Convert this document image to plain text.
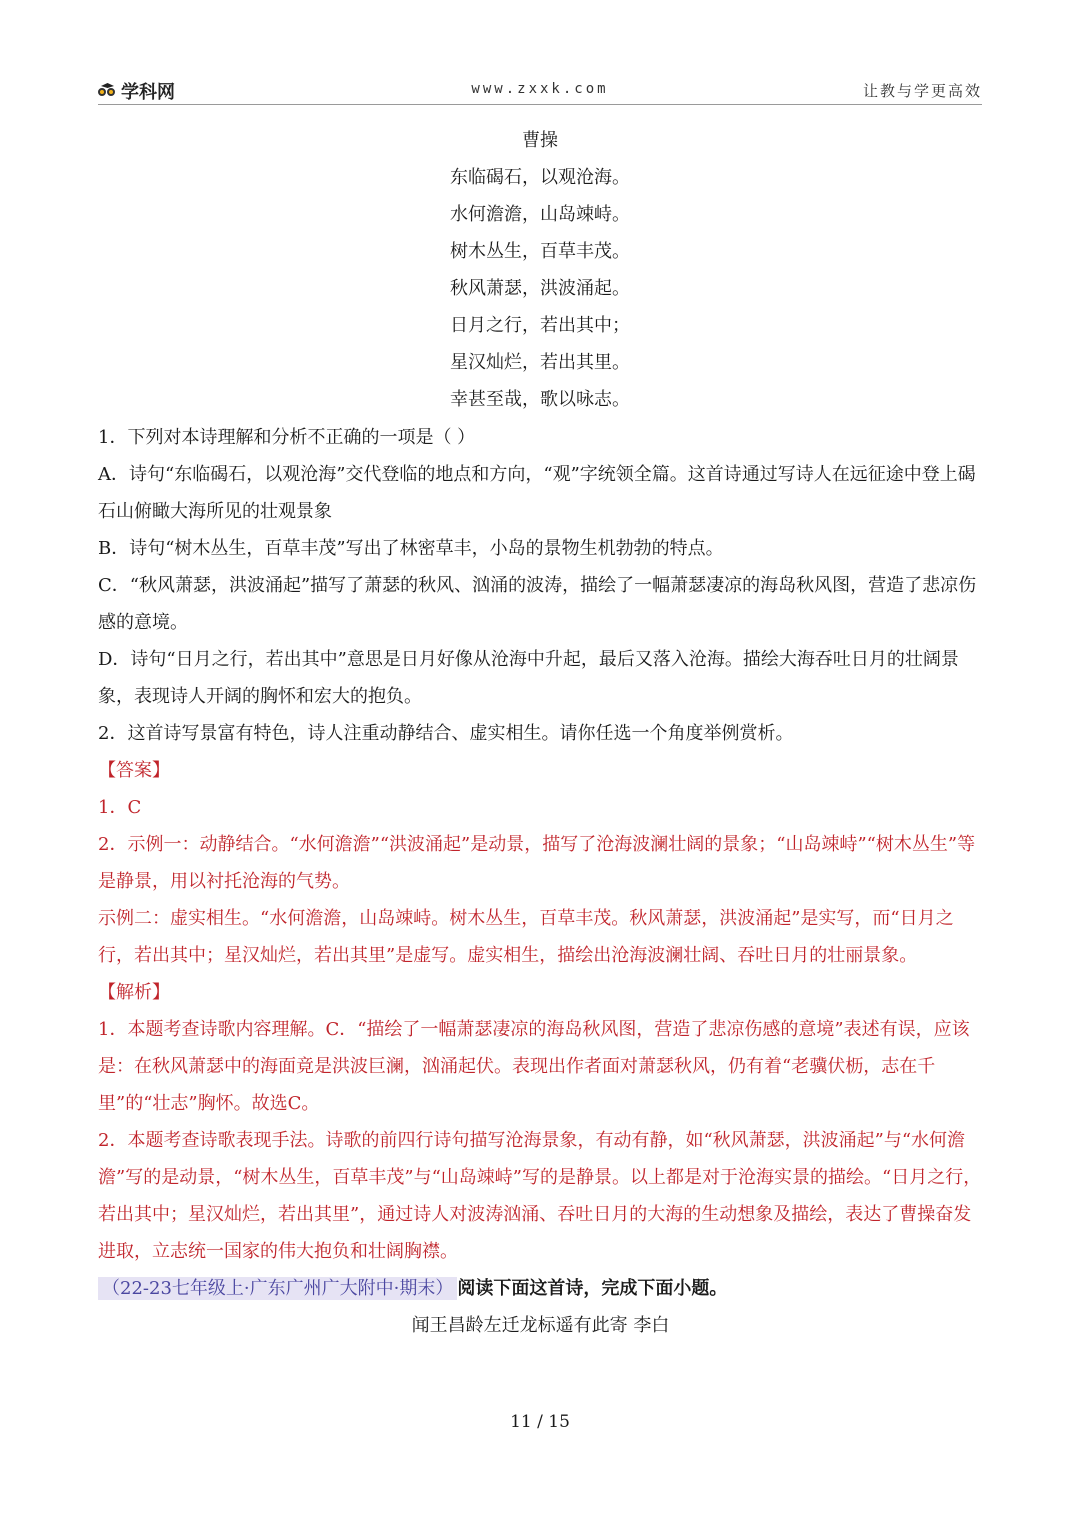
学科网	www.zxxk.com	让教与学更高效
曹操
东临碣石，以观沧海。
水何澹澹，山岛竦峙。
树木丛生，百草丰茂。
秋风萧瑟，洪波涌起。
日月之行，若出其中；
星汉灿烂，若出其里。
幸甚至哉，歌以咏志。

1．下列对本诗理解和分析不正确的一项是（ ）

A．诗句“东临碣石，以观沧海”交代登临的地点和方向，“观”字统领全篇。这首诗通过写诗人在远征途中登上碣石山俯瞰大海所见的壮观景象

B．诗句“树木丛生，百草丰茂”写出了林密草丰，小岛的景物生机勃勃的特点。

C．“秋风萧瑟，洪波涌起”描写了萧瑟的秋风、汹涌的波涛，描绘了一幅萧瑟凄凉的海岛秋风图，营造了悲凉伤感的意境。

D．诗句“日月之行，若出其中”意思是日月好像从沧海中升起，最后又落入沧海。描绘大海吞吐日月的壮阔景象，表现诗人开阔的胸怀和宏大的抱负。

2．这首诗写景富有特色，诗人注重动静结合、虚实相生。请你任选一个角度举例赏析。

【答案】

1．C

2．示例一：动静结合。“水何澹澹”“洪波涌起”是动景，描写了沧海波澜壮阔的景象；“山岛竦峙”“树木丛生”等是静景，用以衬托沧海的气势。

示例二：虚实相生。“水何澹澹，山岛竦峙。树木丛生，百草丰茂。秋风萧瑟，洪波涌起”是实写，而“日月之行，若出其中；星汉灿烂，若出其里”是虚写。虚实相生，描绘出沧海波澜壮阔、吞吐日月的壮丽景象。

【解析】

1．本题考查诗歌内容理解。C．“描绘了一幅萧瑟凄凉的海岛秋风图，营造了悲凉伤感的意境”表述有误，应该是：在秋风萧瑟中的海面竟是洪波巨澜，汹涌起伏。表现出作者面对萧瑟秋风，仍有着“老骥伏枥，志在千里”的“壮志”胸怀。故选C。

2．本题考查诗歌表现手法。诗歌的前四行诗句描写沧海景象，有动有静，如“秋风萧瑟，洪波涌起”与“水何澹澹”写的是动景，“树木丛生，百草丰茂”与“山岛竦峙”写的是静景。以上都是对于沧海实景的描绘。“日月之行，若出其中；星汉灿烂，若出其里”，通过诗人对波涛汹涌、吞吐日月的大海的生动想象及描绘，表达了曹操奋发进取，立志统一国家的伟大抱负和壮阔胸襟。

（22-23七年级上·广东广州广大附中·期末） 阅读下面这首诗，完成下面小题。

闻王昌龄左迁龙标遥有此寄 李白

11 / 15
